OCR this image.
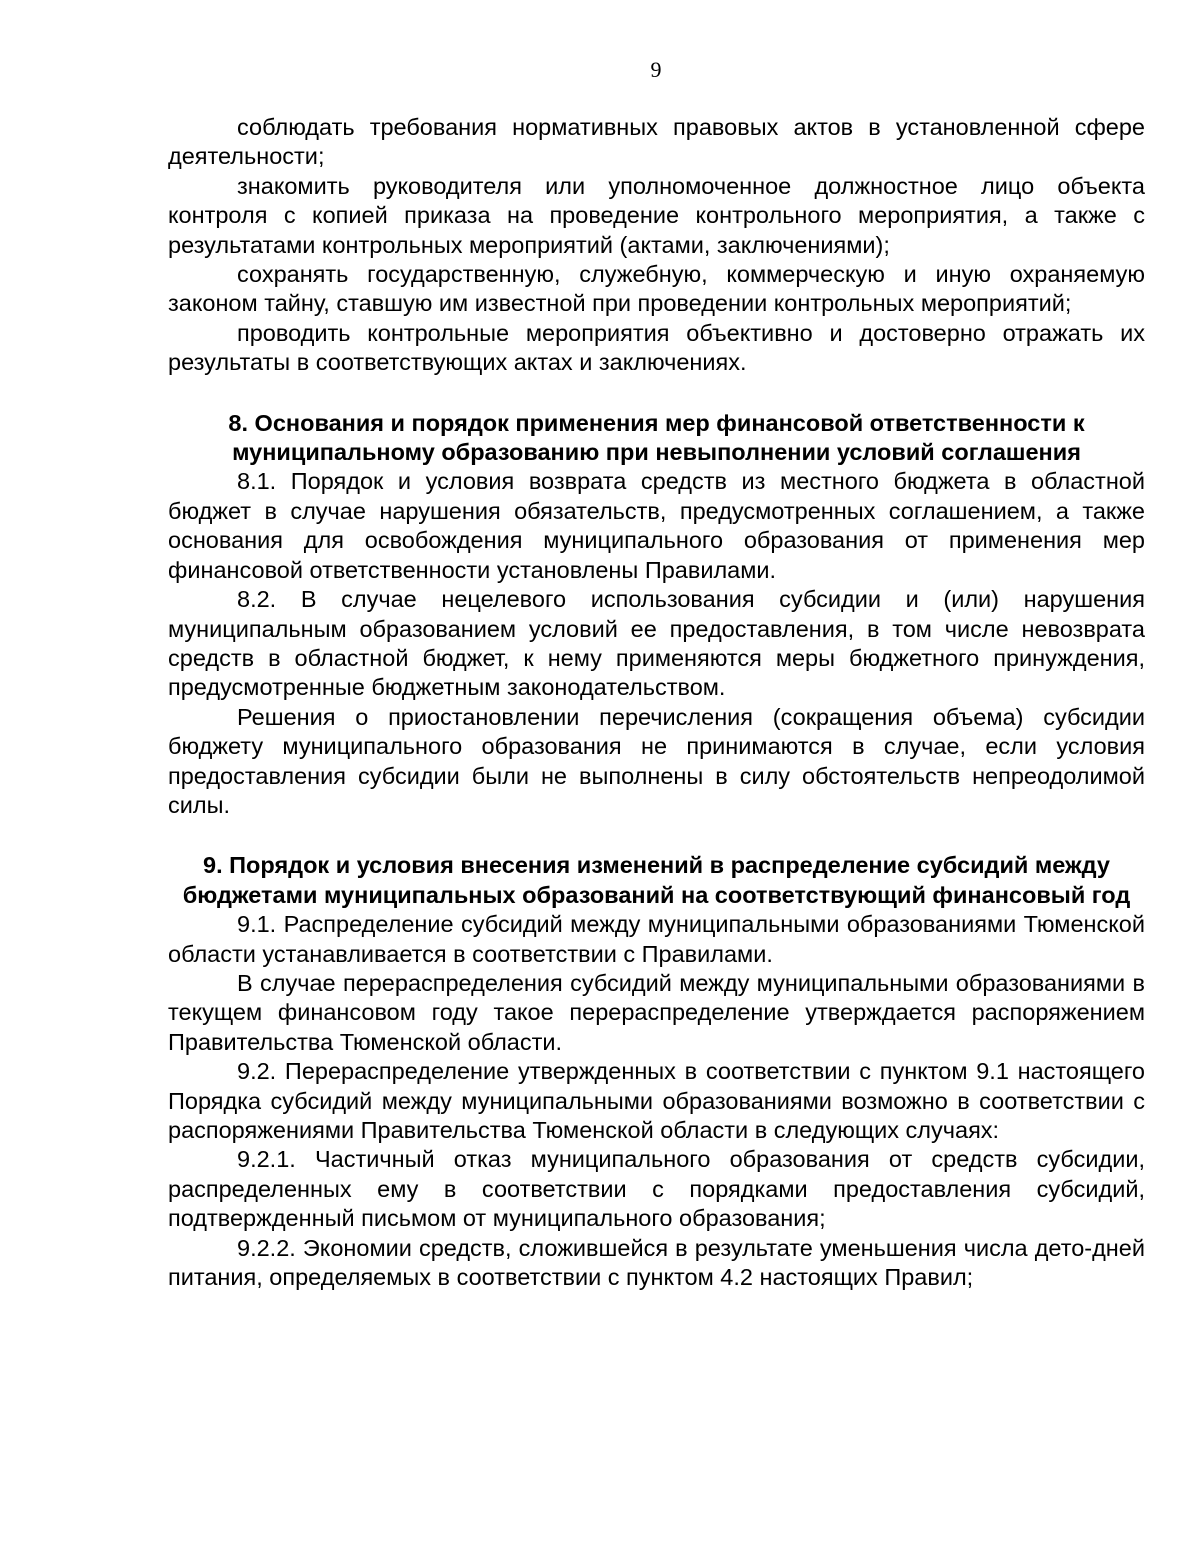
9

соблюдать требования нормативных правовых актов в установленной сфере деятельности;

знакомить руководителя или уполномоченное должностное лицо объекта контроля с копией приказа на проведение контрольного мероприятия, а также с результатами контрольных мероприятий (актами, заключениями);

сохранять государственную, служебную, коммерческую и иную охраняемую законом тайну, ставшую им известной при проведении контрольных мероприятий;

проводить контрольные мероприятия объективно и достоверно отражать их результаты в соответствующих актах и заключениях.

8. Основания и порядок применения мер финансовой ответственности к муниципальному образованию при невыполнении условий соглашения

8.1. Порядок и условия возврата средств из местного бюджета в областной бюджет в случае нарушения обязательств, предусмотренных соглашением, а также основания для освобождения муниципального образования от применения мер финансовой ответственности установлены Правилами.

8.2. В случае нецелевого использования субсидии и (или) нарушения муниципальным образованием условий ее предоставления, в том числе невозврата средств в областной бюджет, к нему применяются меры бюджетного принуждения, предусмотренные бюджетным законодательством.

Решения о приостановлении перечисления (сокращения объема) субсидии бюджету муниципального образования не принимаются в случае, если условия предоставления субсидии были не выполнены в силу обстоятельств непреодолимой силы.

9. Порядок и условия внесения изменений в распределение субсидий между бюджетами муниципальных образований на соответствующий финансовый год

9.1. Распределение субсидий между муниципальными образованиями Тюменской области устанавливается в соответствии с Правилами.

В случае перераспределения субсидий между муниципальными образованиями в текущем финансовом году такое перераспределение утверждается распоряжением Правительства Тюменской области.

9.2. Перераспределение утвержденных в соответствии с пунктом 9.1 настоящего Порядка субсидий между муниципальными образованиями возможно в соответствии с распоряжениями Правительства Тюменской области в следующих случаях:

9.2.1. Частичный отказ муниципального образования от средств субсидии, распределенных ему в соответствии с порядками предоставления субсидий, подтвержденный письмом от муниципального образования;

9.2.2. Экономии средств, сложившейся в результате уменьшения числа дето-дней питания, определяемых в соответствии с пунктом 4.2 настоящих Правил;
